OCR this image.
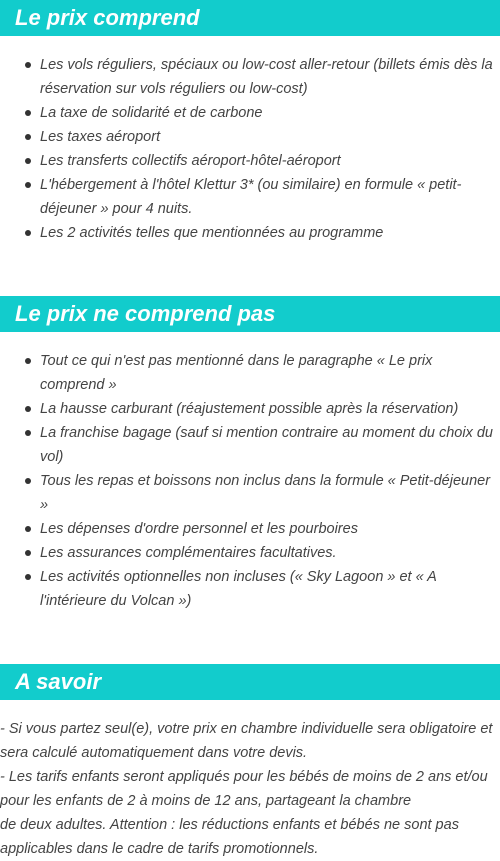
Le prix comprend
Les vols réguliers, spéciaux ou low-cost aller-retour (billets émis dès la réservation sur vols réguliers ou low-cost)
La taxe de solidarité et de carbone
Les taxes aéroport
Les transferts collectifs aéroport-hôtel-aéroport
L'hébergement à l'hôtel Klettur 3* (ou similaire) en formule « petit-déjeuner » pour 4 nuits.
Les 2 activités telles que mentionnées au programme
Le prix ne comprend pas
Tout ce qui n'est pas mentionné dans le paragraphe « Le prix comprend »
La hausse carburant (réajustement possible après la réservation)
La franchise bagage (sauf si mention contraire au moment du choix du vol)
Tous les repas et boissons non inclus dans la formule « Petit-déjeuner »
Les dépenses d'ordre personnel et les pourboires
Les assurances complémentaires facultatives.
Les activités optionnelles non incluses (« Sky Lagoon » et « A l'intérieure du Volcan »)
A savoir

- Si vous partez seul(e), votre prix en chambre individuelle sera obligatoire et sera calculé automatiquement dans votre devis.

- Les tarifs enfants seront appliqués pour les bébés de moins de 2 ans et/ou pour les enfants de 2 à moins de 12 ans, partageant la chambre

de deux adultes. Attention : les réductions enfants et bébés ne sont pas applicables dans le cadre de tarifs promotionnels.
